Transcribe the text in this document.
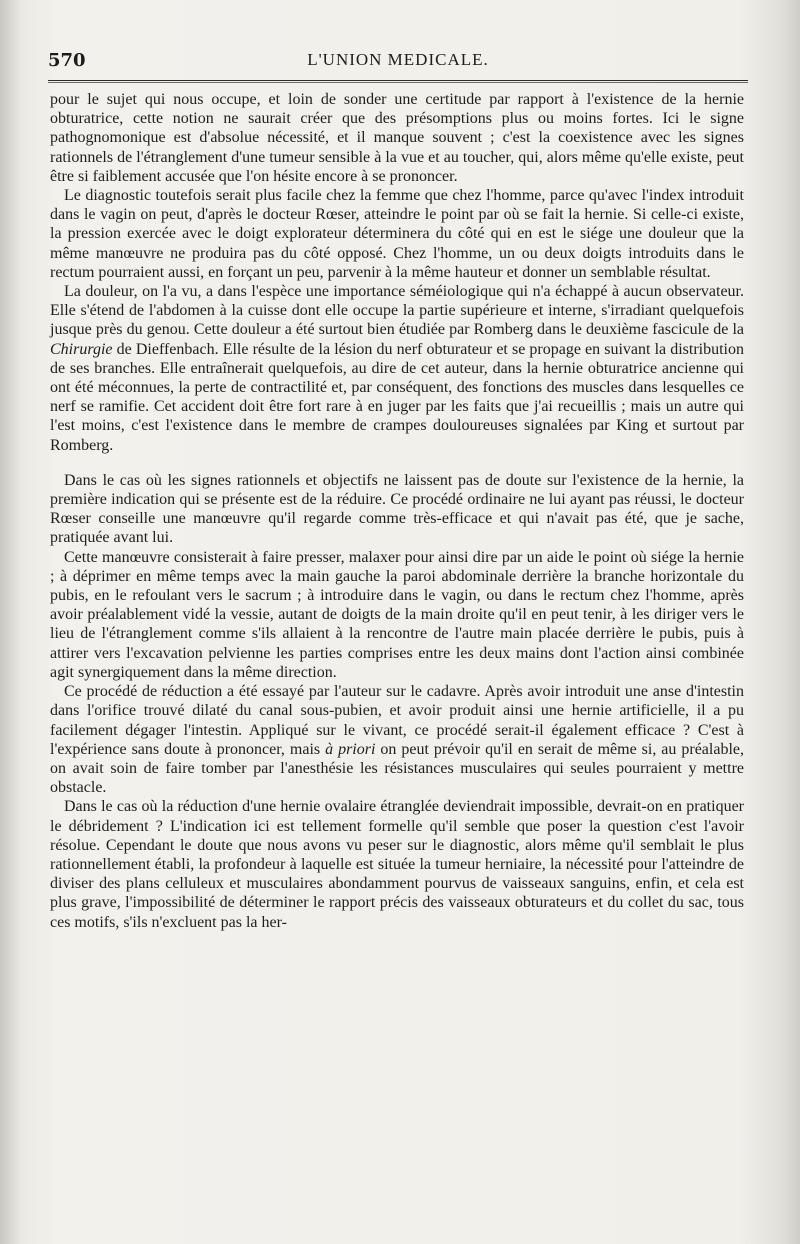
570	L'UNION MEDICALE.

pour le sujet qui nous occupe, et loin de sonder une certitude par rapport à l'existence de la hernie obturatrice, cette notion ne saurait créer que des présomptions plus ou moins fortes. Ici le signe pathognomonique est d'absolue nécessité, et il manque souvent ; c'est la coexistence avec les signes rationnels de l'étranglement d'une tumeur sensible à la vue et au toucher, qui, alors même qu'elle existe, peut être si faiblement accusée que l'on hésite encore à se prononcer.

Le diagnostic toutefois serait plus facile chez la femme que chez l'homme, parce qu'avec l'index introduit dans le vagin on peut, d'après le docteur Rœser, atteindre le point par où se fait la hernie. Si celle-ci existe, la pression exercée avec le doigt explorateur déterminera du côté qui en est le siége une douleur que la même manœuvre ne produira pas du côté opposé. Chez l'homme, un ou deux doigts introduits dans le rectum pourraient aussi, en forçant un peu, parvenir à la même hauteur et donner un semblable résultat.

La douleur, on l'a vu, a dans l'espèce une importance séméiologique qui n'a échappé à aucun observateur. Elle s'étend de l'abdomen à la cuisse dont elle occupe la partie supérieure et interne, s'irradiant quelquefois jusque près du genou. Cette douleur a été surtout bien étudiée par Romberg dans le deuxième fascicule de la Chirurgie de Dieffenbach. Elle résulte de la lésion du nerf obturateur et se propage en suivant la distribution de ses branches. Elle entraînerait quelquefois, au dire de cet auteur, dans la hernie obturatrice ancienne qui ont été méconnues, la perte de contractilité et, par conséquent, des fonctions des muscles dans lesquelles ce nerf se ramifie. Cet accident doit être fort rare à en juger par les faits que j'ai recueillis ; mais un autre qui l'est moins, c'est l'existence dans le membre de crampes douloureuses signalées par King et surtout par Romberg.

Dans le cas où les signes rationnels et objectifs ne laissent pas de doute sur l'existence de la hernie, la première indication qui se présente est de la réduire. Ce procédé ordinaire ne lui ayant pas réussi, le docteur Rœser conseille une manœuvre qu'il regarde comme très-efficace et qui n'avait pas été, que je sache, pratiquée avant lui.

Cette manœuvre consisterait à faire presser, malaxer pour ainsi dire par un aide le point où siége la hernie ; à déprimer en même temps avec la main gauche la paroi abdominale derrière la branche horizontale du pubis, en le refoulant vers le sacrum ; à introduire dans le vagin, ou dans le rectum chez l'homme, après avoir préalablement vidé la vessie, autant de doigts de la main droite qu'il en peut tenir, à les diriger vers le lieu de l'étranglement comme s'ils allaient à la rencontre de l'autre main placée derrière le pubis, puis à attirer vers l'excavation pelvienne les parties comprises entre les deux mains dont l'action ainsi combinée agit synergiquement dans la même direction.

Ce procédé de réduction a été essayé par l'auteur sur le cadavre. Après avoir introduit une anse d'intestin dans l'orifice trouvé dilaté du canal sous-pubien, et avoir produit ainsi une hernie artificielle, il a pu facilement dégager l'intestin. Appliqué sur le vivant, ce procédé serait-il également efficace ? C'est à l'expérience sans doute à prononcer, mais à priori on peut prévoir qu'il en serait de même si, au préalable, on avait soin de faire tomber par l'anesthésie les résistances musculaires qui seules pourraient y mettre obstacle.

Dans le cas où la réduction d'une hernie ovalaire étranglée deviendrait impossible, devrait-on en pratiquer le débridement ? L'indication ici est tellement formelle qu'il semble que poser la question c'est l'avoir résolue. Cependant le doute que nous avons vu peser sur le diagnostic, alors même qu'il semblait le plus rationnellement établi, la profondeur à laquelle est située la tumeur herniaire, la nécessité pour l'atteindre de diviser des plans celluleux et musculaires abondamment pourvus de vaisseaux sanguins, enfin, et cela est plus grave, l'impossibilité de déterminer le rapport précis des vaisseaux obturateurs et du collet du sac, tous ces motifs, s'ils n'excluent pas la her-
